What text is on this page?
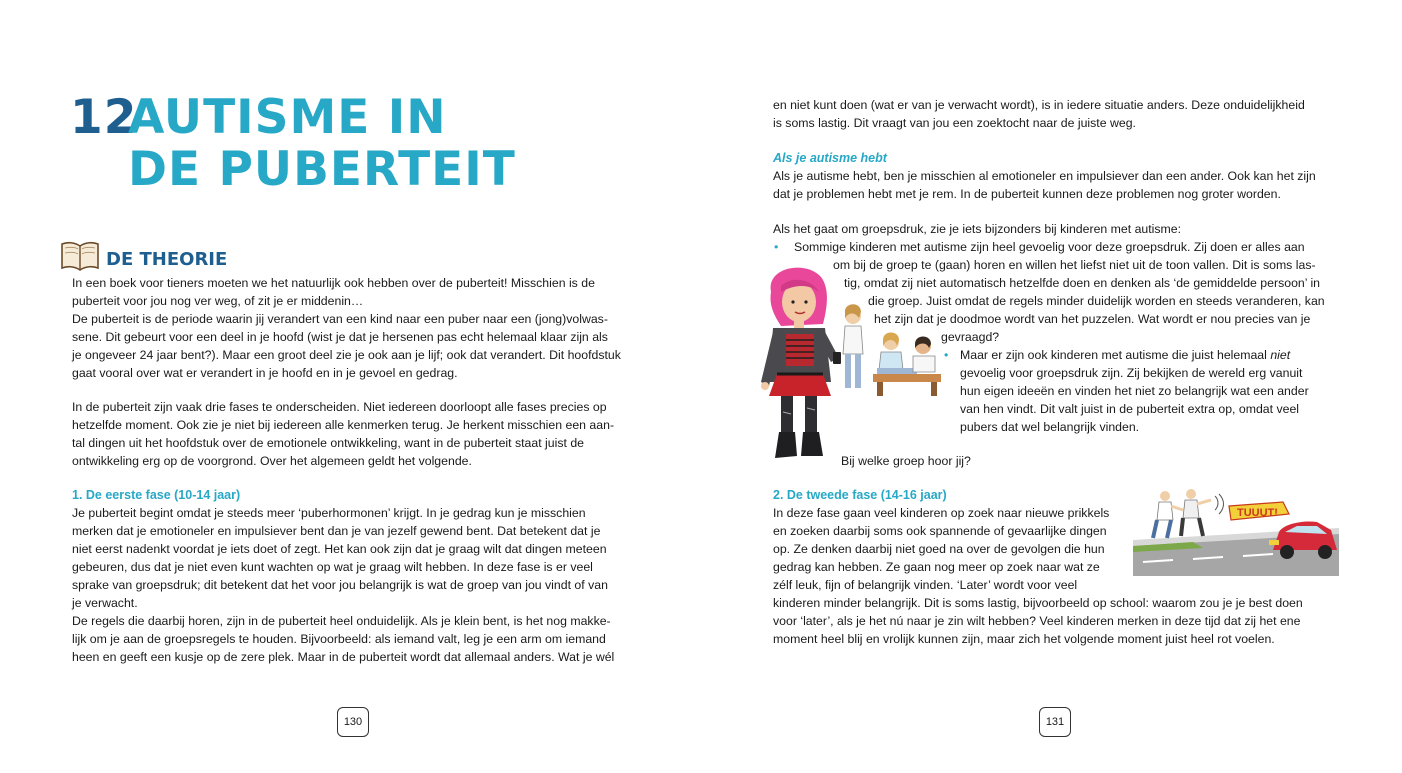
12
AUTISME IN
DE PUBERTEIT
DE THEORIE
In een boek voor tieners moeten we het natuurlijk ook hebben over de puberteit! Misschien is de
puberteit voor jou nog ver weg, of zit je er middenin…
De puberteit is de periode waarin jij verandert van een kind naar een puber naar een (jong)volwas-
sene. Dit gebeurt voor een deel in je hoofd (wist je dat je hersenen pas echt helemaal klaar zijn als
je ongeveer 24 jaar bent?). Maar een groot deel zie je ook aan je lijf; ook dat verandert. Dit hoofdstuk
gaat vooral over wat er verandert in je hoofd en in je gevoel en gedrag.
In de puberteit zijn vaak drie fases te onderscheiden. Niet iedereen doorloopt alle fases precies op
hetzelfde moment. Ook zie je niet bij iedereen alle kenmerken terug. Je herkent misschien een aan-
tal dingen uit het hoofdstuk over de emotionele ontwikkeling, want in de puberteit staat juist de
ontwikkeling erg op de voorgrond. Over het algemeen geldt het volgende.

1. De eerste fase (10-14 jaar)

Je puberteit begint omdat je steeds meer ‘puberhormonen’ krijgt. In je gedrag kun je misschien
merken dat je emotioneler en impulsiever bent dan je van jezelf gewend bent. Dat betekent dat je
niet eerst nadenkt voordat je iets doet of zegt. Het kan ook zijn dat je graag wilt dat dingen meteen
gebeuren, dus dat je niet even kunt wachten op wat je graag wilt hebben. In deze fase is er veel
sprake van groepsdruk; dit betekent dat het voor jou belangrijk is wat de groep van jou vindt of van
je verwacht.
De regels die daarbij horen, zijn in de puberteit heel onduidelijk. Als je klein bent, is het nog makke-
lijk om je aan de groepsregels te houden. Bijvoorbeeld: als iemand valt, leg je een arm om iemand
heen en geeft een kusje op de zere plek. Maar in de puberteit wordt dat allemaal anders. Wat je wél
130
en niet kunt doen (wat er van je verwacht wordt), is in iedere situatie anders. Deze onduidelijkheid
is soms lastig. Dit vraagt van jou een zoektocht naar de juiste weg.

Als je autisme hebt

Als je autisme hebt, ben je misschien al emotioneler en impulsiever dan een ander. Ook kan het zijn
dat je problemen hebt met je rem. In de puberteit kunnen deze problemen nog groter worden.
Als het gaat om groepsdruk, zie je iets bijzonders bij kinderen met autisme:
• Sommige kinderen met autisme zijn heel gevoelig voor deze groepsdruk. Zij doen er alles aan
om bij de groep te (gaan) horen en willen het liefst niet uit de toon vallen. Dit is soms las-
tig, omdat zij niet automatisch hetzelfde doen en denken als ‘de gemiddelde persoon’ in
die groep. Juist omdat de regels minder duidelijk worden en steeds veranderen, kan
het zijn dat je doodmoe wordt van het puzzelen. Wat wordt er nou precies van je
gevraagd?
• Maar er zijn ook kinderen met autisme die juist helemaal niet
gevoelig voor groepsdruk zijn. Zij bekijken de wereld erg vanuit
hun eigen ideeën en vinden het niet zo belangrijk wat een ander
van hen vindt. Dit valt juist in de puberteit extra op, omdat veel
pubers dat wel belangrijk vinden.

Bij welke groep hoor jij?

2. De tweede fase (14-16 jaar)

In deze fase gaan veel kinderen op zoek naar nieuwe prikkels
en zoeken daarbij soms ook spannende of gevaarlijke dingen
op. Ze denken daarbij niet goed na over de gevolgen die hun
gedrag kan hebben. Ze gaan nog meer op zoek naar wat ze
zélf leuk, fijn of belangrijk vinden. ‘Later’ wordt voor veel
kinderen minder belangrijk. Dit is soms lastig, bijvoorbeeld op school: waarom zou je je best doen
voor ‘later’, als je het nú naar je zin wilt hebben? Veel kinderen merken in deze tijd dat zij het ene
moment heel blij en vrolijk kunnen zijn, maar zich het volgende moment juist heel rot voelen.
TUUUT!
131
